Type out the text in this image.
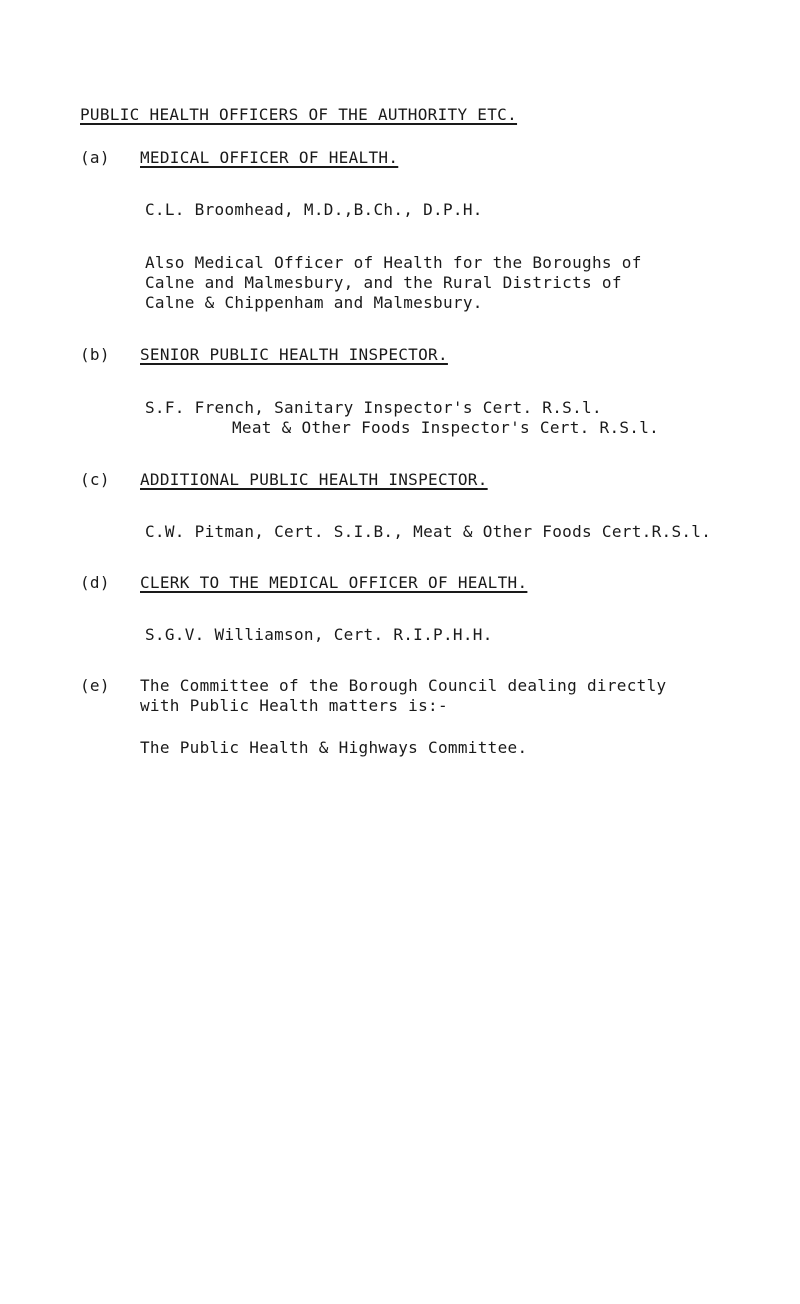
PUBLIC HEALTH OFFICERS OF THE AUTHORITY ETC.
(a) MEDICAL OFFICER OF HEALTH.
C.L. Broomhead, M.D.,B.Ch., D.P.H.
Also Medical Officer of Health for the Boroughs of
Calne and Malmesbury, and the Rural Districts of
Calne & Chippenham and Malmesbury.
(b) SENIOR PUBLIC HEALTH INSPECTOR.
S.F. French, Sanitary Inspector's Cert. R.S.l.
Meat & Other Foods Inspector's Cert. R.S.l.
(c) ADDITIONAL PUBLIC HEALTH INSPECTOR.
C.W. Pitman, Cert. S.I.B., Meat & Other Foods Cert.R.S.l.
(d) CLERK TO THE MEDICAL OFFICER OF HEALTH.
S.G.V. Williamson, Cert. R.I.P.H.H.
(e) The Committee of the Borough Council dealing directly
with Public Health matters is:-
The Public Health & Highways Committee.
